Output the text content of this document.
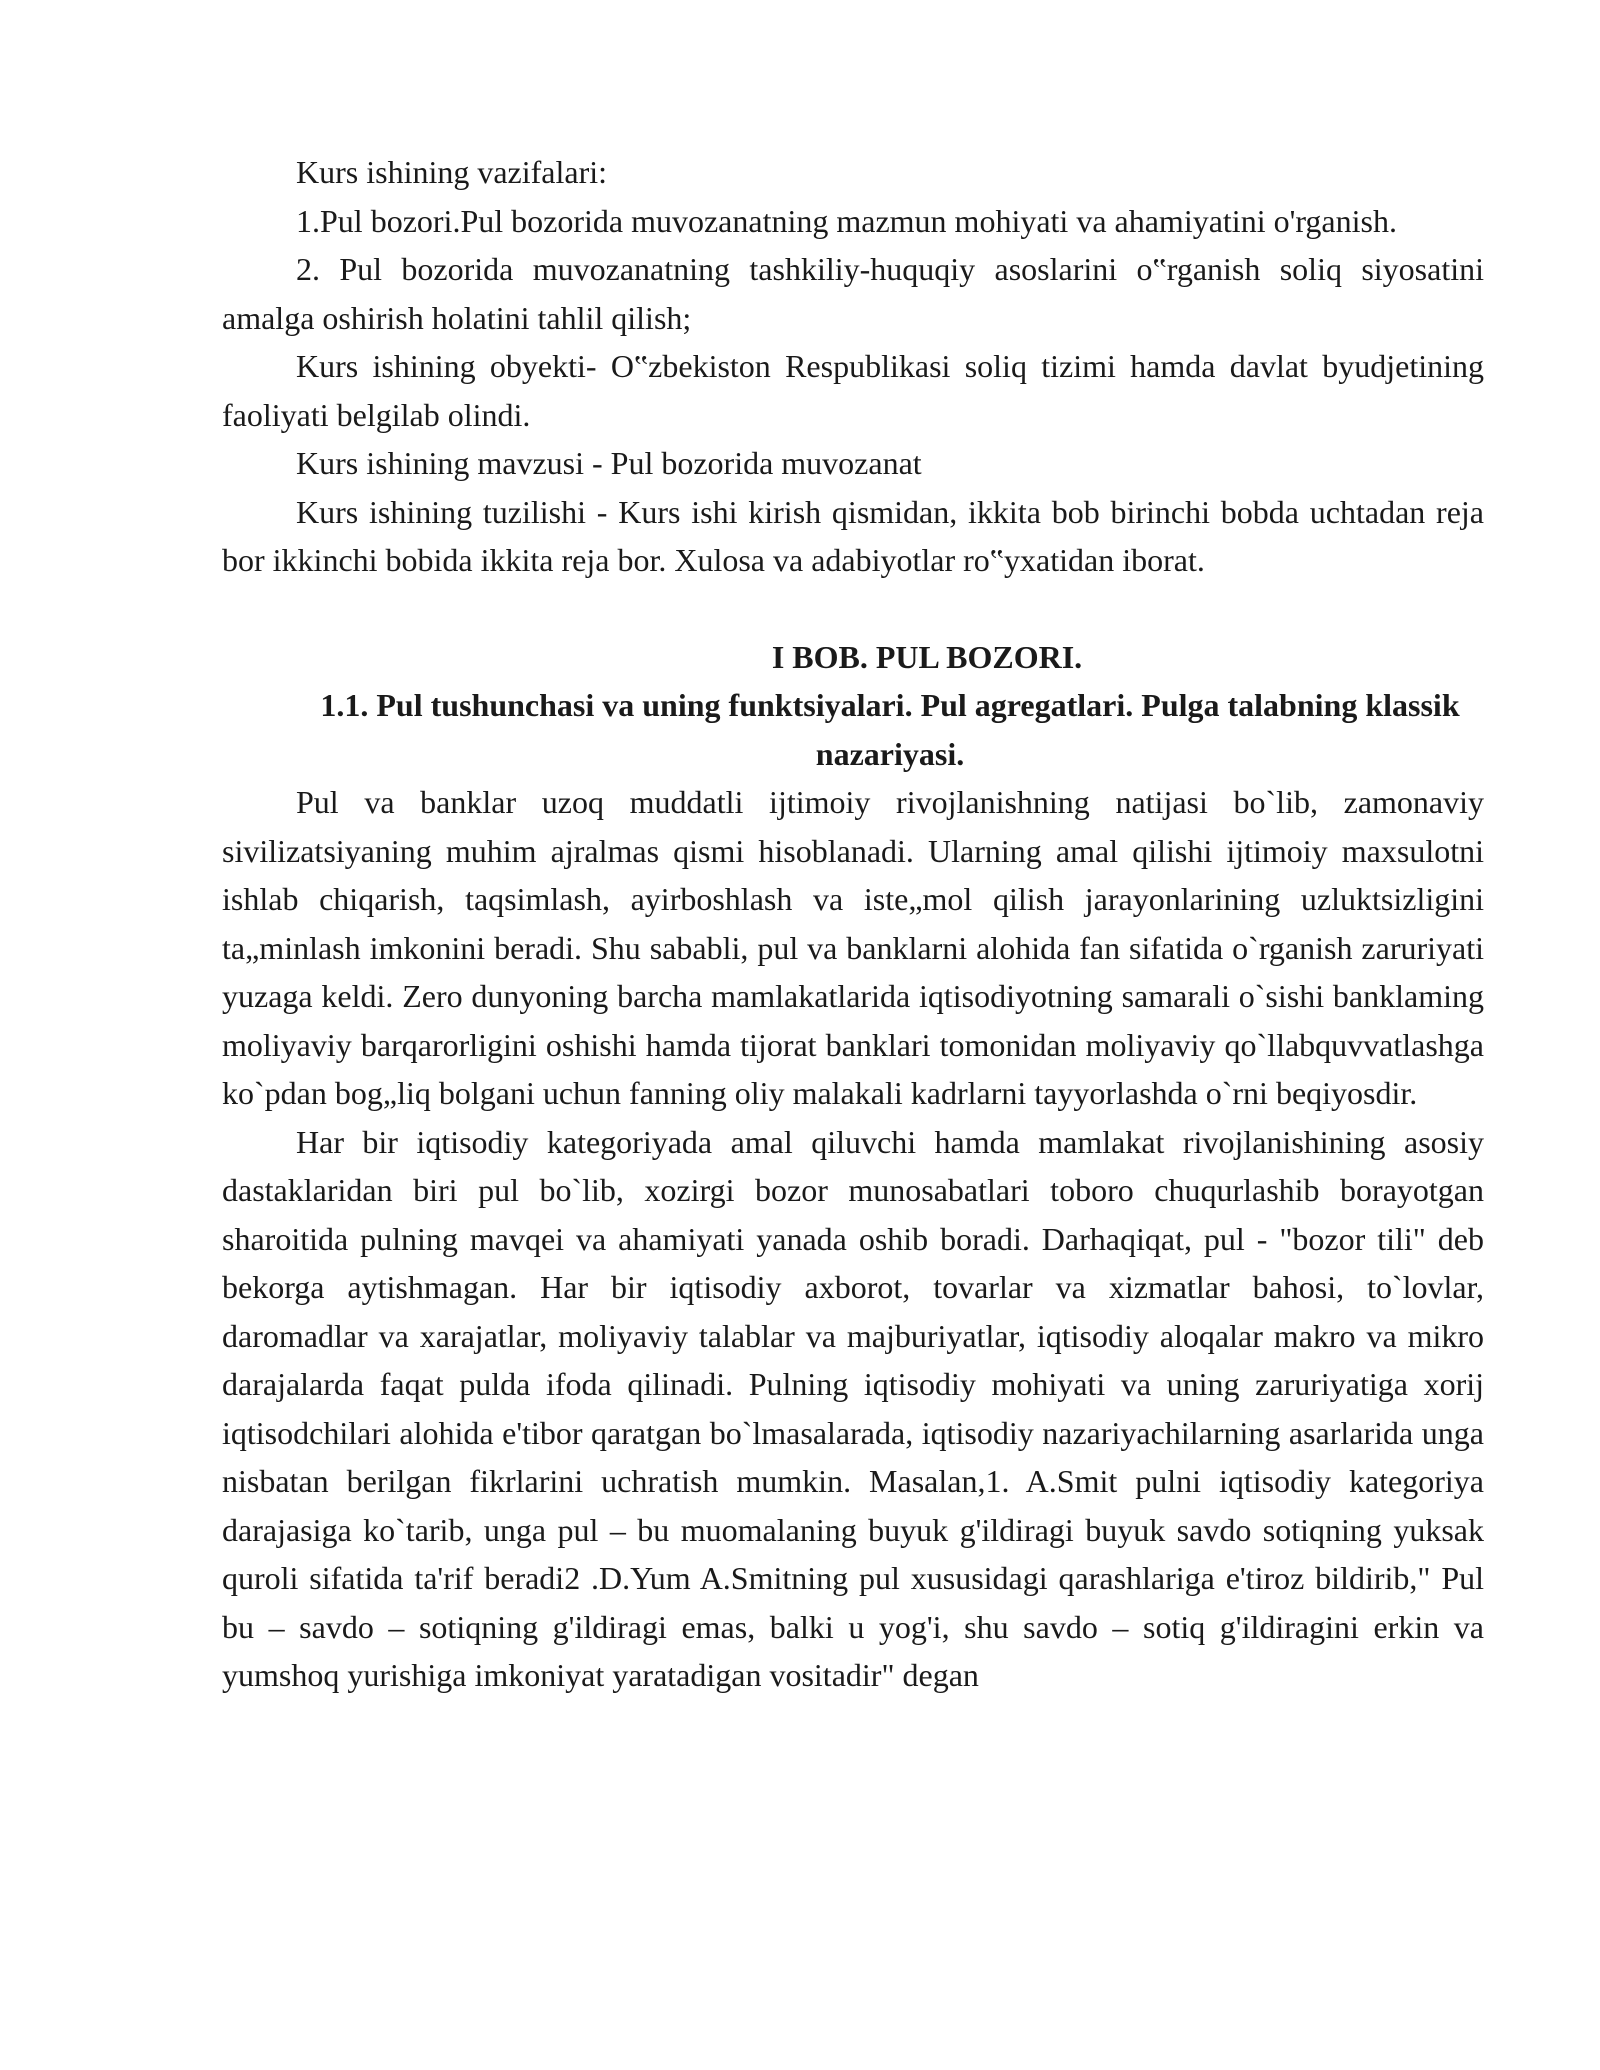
Kurs ishining vazifalari:

1.Pul bozori.Pul bozorida muvozanatning mazmun mohiyati va ahamiyatini o'rganish.

2. Pul bozorida muvozanatning tashkiliy-huquqiy asoslarini o‟rganish soliq siyosatini amalga oshirish holatini tahlil qilish;

Kurs ishining obyekti- O‟zbekiston Respublikasi soliq tizimi hamda davlat byudjetining faoliyati belgilab olindi.

Kurs ishining mavzusi - Pul bozorida muvozanat

Kurs ishining tuzilishi - Kurs ishi kirish qismidan, ikkita bob birinchi bobda uchtadan reja bor ikkinchi bobida ikkita reja bor. Xulosa va adabiyotlar ro‟yxatidan iborat.

I BOB. PUL BOZORI.

1.1. Pul tushunchasi va uning funktsiyalari. Pul agregatlari. Pulga talabning klassik nazariyasi.

Pul va banklar uzoq muddatli ijtimoiy rivojlanishning natijasi bo`lib, zamonaviy sivilizatsiyaning muhim ajralmas qismi hisoblanadi. Ularning amal qilishi ijtimoiy maxsulotni ishlab chiqarish, taqsimlash, ayirboshlash va iste„mol qilish jarayonlarining uzluktsizligini ta„minlash imkonini beradi. Shu sababli, pul va banklarni alohida fan sifatida o`rganish zaruriyati yuzaga keldi. Zero dunyoning barcha mamlakatlarida iqtisodiyotning samarali o`sishi banklaming moliyaviy barqarorligini oshishi hamda tijorat banklari tomonidan moliyaviy qo`llabquvvatlashga ko`pdan bog„liq bolgani uchun fanning oliy malakali kadrlarni tayyorlashda o`rni beqiyosdir.

Har bir iqtisodiy kategoriyada amal qiluvchi hamda mamlakat rivojlanishining asosiy dastaklaridan biri pul bo`lib, xozirgi bozor munosabatlari toboro chuqurlashib borayotgan sharoitida pulning mavqei va ahamiyati yanada oshib boradi. Darhaqiqat, pul - "bozor tili" deb bekorga aytishmagan. Har bir iqtisodiy axborot, tovarlar va xizmatlar bahosi, to`lovlar, daromadlar va xarajatlar, moliyaviy talablar va majburiyatlar, iqtisodiy aloqalar makro va mikro darajalarda faqat pulda ifoda qilinadi. Pulning iqtisodiy mohiyati va uning zaruriyatiga xorij iqtisodchilari alohida e'tibor qaratgan bo`lmasalarada, iqtisodiy nazariyachilarning asarlarida unga nisbatan berilgan fikrlarini uchratish mumkin. Masalan,1. A.Smit pulni iqtisodiy kategoriya darajasiga ko`tarib, unga pul – bu muomalaning buyuk g'ildiragi buyuk savdo sotiqning yuksak quroli sifatida ta'rif beradi2 .D.Yum A.Smitning pul xususidagi qarashlariga e'tiroz bildirib," Pul bu – savdo – sotiqning g'ildiragi emas, balki u yog'i, shu savdo – sotiq g'ildiragini erkin va yumshoq yurishiga imkoniyat yaratadigan vositadir" degan
